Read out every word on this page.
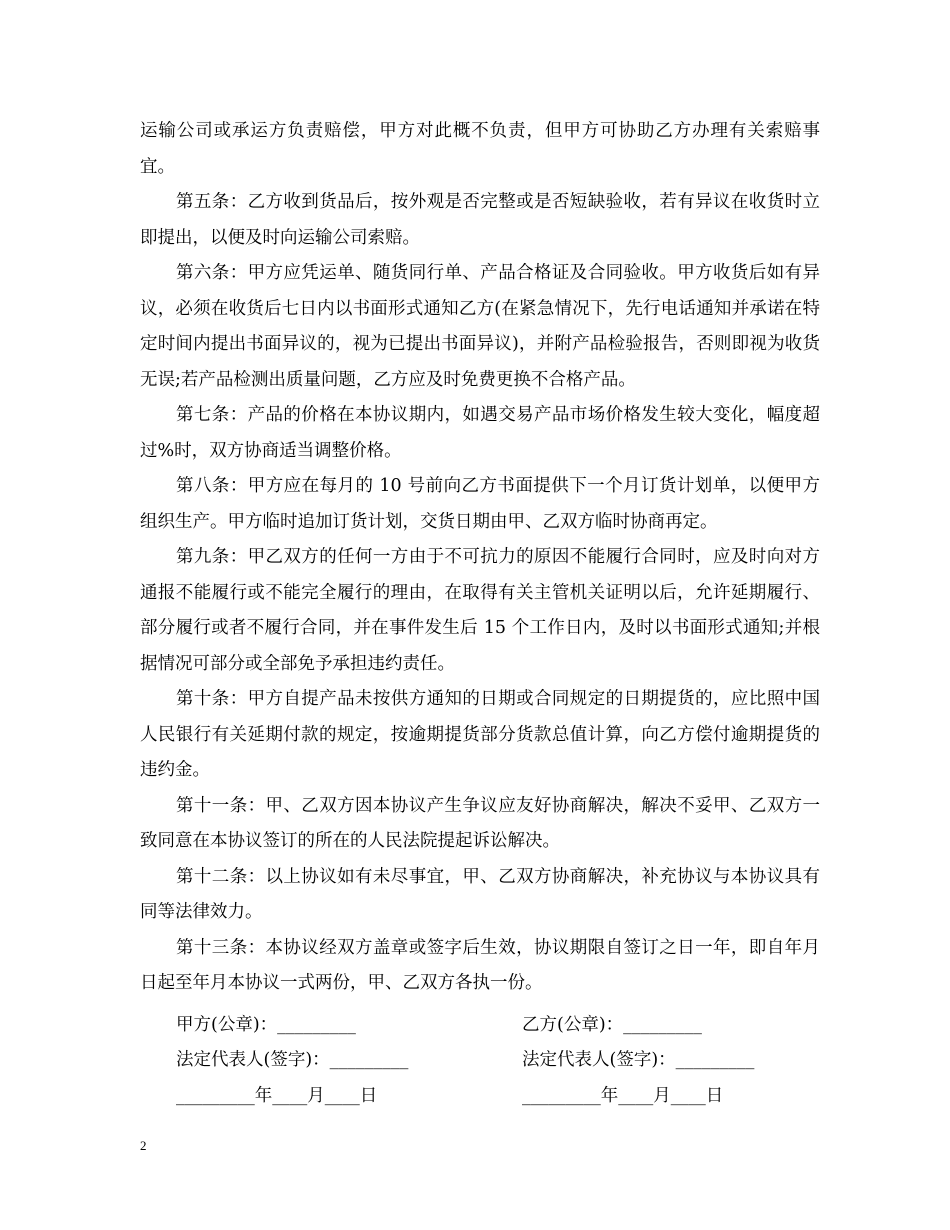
运输公司或承运方负责赔偿，甲方对此概不负责，但甲方可协助乙方办理有关索赔事宜。

第五条：乙方收到货品后，按外观是否完整或是否短缺验收，若有异议在收货时立即提出，以便及时向运输公司索赔。

第六条：甲方应凭运单、随货同行单、产品合格证及合同验收。甲方收货后如有异议，必须在收货后七日内以书面形式通知乙方(在紧急情况下，先行电话通知并承诺在特定时间内提出书面异议的，视为已提出书面异议)，并附产品检验报告，否则即视为收货无误;若产品检测出质量问题，乙方应及时免费更换不合格产品。

第七条：产品的价格在本协议期内，如遇交易产品市场价格发生较大变化，幅度超过%时，双方协商适当调整价格。

第八条：甲方应在每月的 10 号前向乙方书面提供下一个月订货计划单，以便甲方组织生产。甲方临时追加订货计划，交货日期由甲、乙双方临时协商再定。

第九条：甲乙双方的任何一方由于不可抗力的原因不能履行合同时，应及时向对方通报不能履行或不能完全履行的理由，在取得有关主管机关证明以后，允许延期履行、部分履行或者不履行合同，并在事件发生后 15 个工作日内，及时以书面形式通知;并根据情况可部分或全部免予承担违约责任。

第十条：甲方自提产品未按供方通知的日期或合同规定的日期提货的，应比照中国人民银行有关延期付款的规定，按逾期提货部分货款总值计算，向乙方偿付逾期提货的违约金。

第十一条：甲、乙双方因本协议产生争议应友好协商解决，解决不妥甲、乙双方一致同意在本协议签订的所在的人民法院提起诉讼解决。

第十二条：以上协议如有未尽事宜，甲、乙双方协商解决，补充协议与本协议具有同等法律效力。

第十三条：本协议经双方盖章或签字后生效，协议期限自签订之日一年，即自年月日起至年月本协议一式两份，甲、乙双方各执一份。

甲方(公章)：_________	乙方(公章)：_________
法定代表人(签字)：_________	法定代表人(签字)：_________
_________年____月____日	_________年____月____日
2
